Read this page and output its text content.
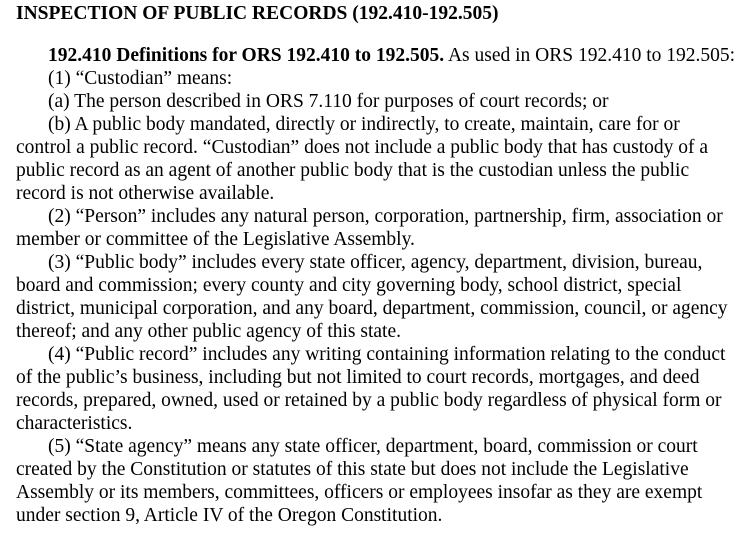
INSPECTION OF PUBLIC RECORDS (192.410-192.505)

192.410 Definitions for ORS 192.410 to 192.505. As used in ORS 192.410 to 192.505:

(1) “Custodian” means:

(a) The person described in ORS 7.110 for purposes of court records; or

(b) A public body mandated, directly or indirectly, to create, maintain, care for or control a public record. “Custodian” does not include a public body that has custody of a public record as an agent of another public body that is the custodian unless the public record is not otherwise available.

(2) “Person” includes any natural person, corporation, partnership, firm, association or member or committee of the Legislative Assembly.

(3) “Public body” includes every state officer, agency, department, division, bureau, board and commission; every county and city governing body, school district, special district, municipal corporation, and any board, department, commission, council, or agency thereof; and any other public agency of this state.

(4) “Public record” includes any writing containing information relating to the conduct of the public’s business, including but not limited to court records, mortgages, and deed records, prepared, owned, used or retained by a public body regardless of physical form or characteristics.

(5) “State agency” means any state officer, department, board, commission or court created by the Constitution or statutes of this state but does not include the Legislative Assembly or its members, committees, officers or employees insofar as they are exempt under section 9, Article IV of the Oregon Constitution.
